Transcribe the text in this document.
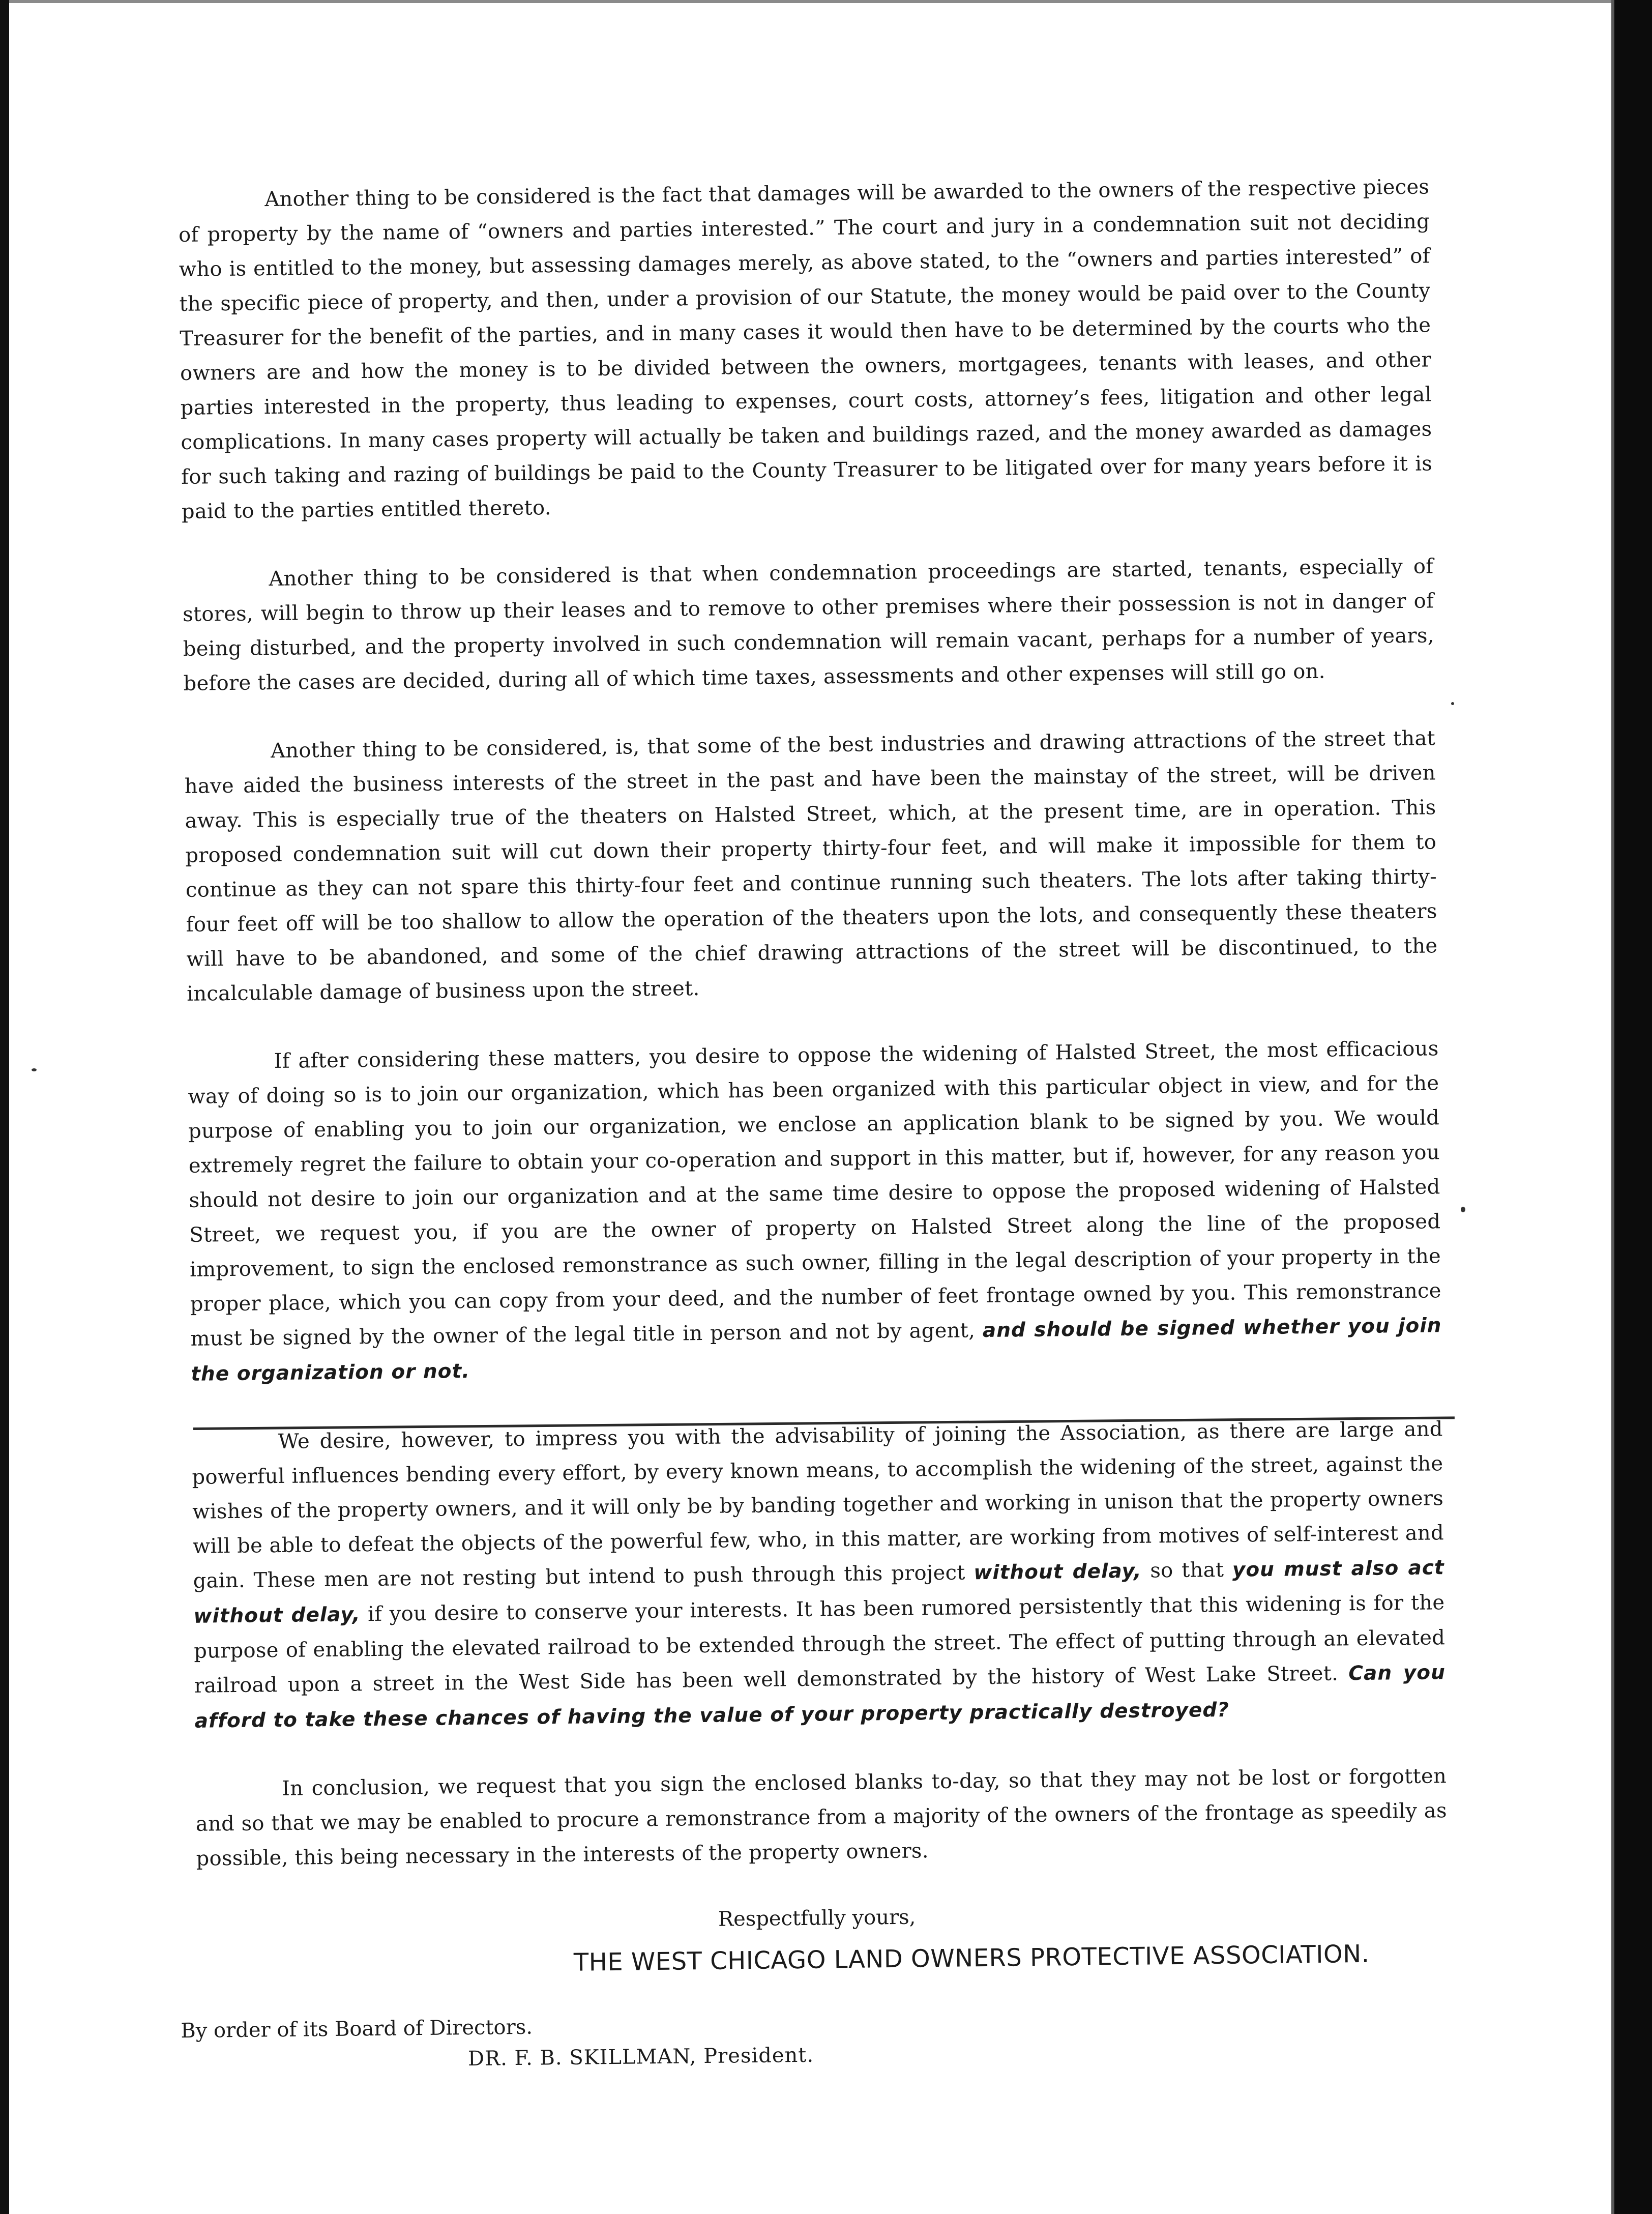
Another thing to be considered is the fact that damages will be awarded to the owners of the respective pieces of property by the name of “owners and parties interested.” The court and jury in a condemnation suit not deciding who is entitled to the money, but assessing damages merely, as above stated, to the “owners and parties interested” of the specific piece of property, and then, under a provision of our Statute, the money would be paid over to the County Treasurer for the benefit of the parties, and in many cases it would then have to be determined by the courts who the owners are and how the money is to be divided between the owners, mortgagees, tenants with leases, and other parties interested in the property, thus leading to expenses, court costs, attorney’s fees, litigation and other legal complications. In many cases property will actually be taken and buildings razed, and the money awarded as damages for such taking and razing of buildings be paid to the County Treasurer to be litigated over for many years before it is paid to the parties entitled thereto.

Another thing to be considered is that when condemnation proceedings are started, tenants, especially of stores, will begin to throw up their leases and to remove to other premises where their possession is not in danger of being disturbed, and the property involved in such condemnation will remain vacant, perhaps for a number of years, before the cases are decided, during all of which time taxes, assessments and other expenses will still go on.

Another thing to be considered, is, that some of the best industries and drawing attractions of the street that have aided the business interests of the street in the past and have been the mainstay of the street, will be driven away. This is especially true of the theaters on Halsted Street, which, at the present time, are in operation. This proposed condemnation suit will cut down their property thirty-four feet, and will make it impossible for them to continue as they can not spare this thirty-four feet and continue running such theaters. The lots after taking thirty-four feet off will be too shallow to allow the operation of the theaters upon the lots, and consequently these theaters will have to be abandoned, and some of the chief drawing attractions of the street will be discontinued, to the incalculable damage of business upon the street.

If after considering these matters, you desire to oppose the widening of Halsted Street, the most efficacious way of doing so is to join our organization, which has been organized with this particular object in view, and for the purpose of enabling you to join our organization, we enclose an application blank to be signed by you. We would extremely regret the failure to obtain your co-operation and support in this matter, but if, however, for any reason you should not desire to join our organization and at the same time desire to oppose the proposed widening of Halsted Street, we request you, if you are the owner of property on Halsted Street along the line of the proposed improvement, to sign the enclosed remonstrance as such owner, filling in the legal description of your property in the proper place, which you can copy from your deed, and the number of feet frontage owned by you. This remonstrance must be signed by the owner of the legal title in person and not by agent, and should be signed whether you join the organization or not.

We desire, however, to impress you with the advisability of joining the Association, as there are large and powerful influences bending every effort, by every known means, to accomplish the widening of the street, against the wishes of the property owners, and it will only be by banding together and working in unison that the property owners will be able to defeat the objects of the powerful few, who, in this matter, are working from motives of self-interest and gain. These men are not resting but intend to push through this project without delay, so that you must also act without delay, if you desire to conserve your interests. It has been rumored persistently that this widening is for the purpose of enabling the elevated railroad to be extended through the street. The effect of putting through an elevated railroad upon a street in the West Side has been well demonstrated by the history of West Lake Street. Can you afford to take these chances of having the value of your property practically destroyed?

In conclusion, we request that you sign the enclosed blanks to-day, so that they may not be lost or forgotten and so that we may be enabled to procure a remonstrance from a majority of the owners of the frontage as speedily as possible, this being necessary in the interests of the property owners.

Respectfully yours,
THE WEST CHICAGO LAND OWNERS PROTECTIVE ASSOCIATION.
By order of its Board of Directors.
DR. F. B. SKILLMAN, President.
